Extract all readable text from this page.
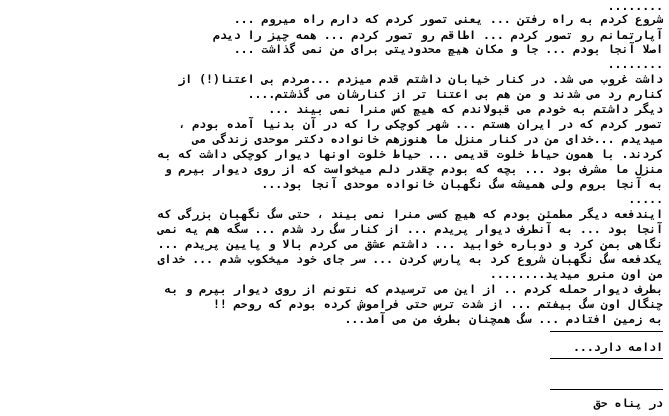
........
شروع کردم به راه رفتن ... یعنی تصور کردم که دارم راه میروم ...
آپارتمانم رو تصور کردم ... اطاقم رو تصور کردم ... همه چیز را دیدم
اصلا آنجا بودم ... جا و مکان هیچ محدودیتی برای من نمی گذاشت ...
........
داشت غروب می شد. در کنار خیابان داشتم قدم میزدم ...مردم بی اعتنا(!) از
کنارم رد می شدند و من هم بی اعتنا تر از کنارشان می گذشتم....
دیگر داشتم به خودم می قبولاندم که هیچ کس منرا نمی بیند ...
تصور کردم که در ایران هستم ... شهر کوچکی را که در آن بدنیا آمده بودم ،
میدیدم ...خدای من در کنار منزل ما هنوزهم خانواده دکتر موحدی زندگی می
کردند. با همون حیاط خلوت قدیمی ... حیاط خلوت اونها دیوار کوچکی داشت که به
منزل ما مشرف بود ... بچه که بودم چقدر دلم میخواست که از روی دیوار بپرم و
به آنجا بروم ولی همیشه سگ نگهبان خانواده موحدی آنجا بود...
.....
ایندفعه دیگر مطمئن بودم که هیچ کسی منرا نمی بیند ، حتی سگ نگهبان بزرگی که
آنجا بود ... به آنطرف دیوار پریدم ... از کنار سگ رد شدم ... سگه هم یه نمی
نگاهی بمن کرد و دوباره خوابید ... داشتم عشق می کردم بالا و پایین پریدم ...
یکدفعه سگ نگهبان شروع کرد به پارس کردن ... سر جای خود میخکوب شدم ... خدای
من اون منرو میدید........
بطرف دیوار حمله کردم .. از این می ترسیدم که نتونم از روی دیوار بپرم و به
چنگال اون سگ بیفتم ... از شدت ترس حتی فراموش کرده بودم که روحم !!
به زمین افتادم ... سگ همچنان بطرف من می آمد...
ادامه دارد...
در پناه حق
